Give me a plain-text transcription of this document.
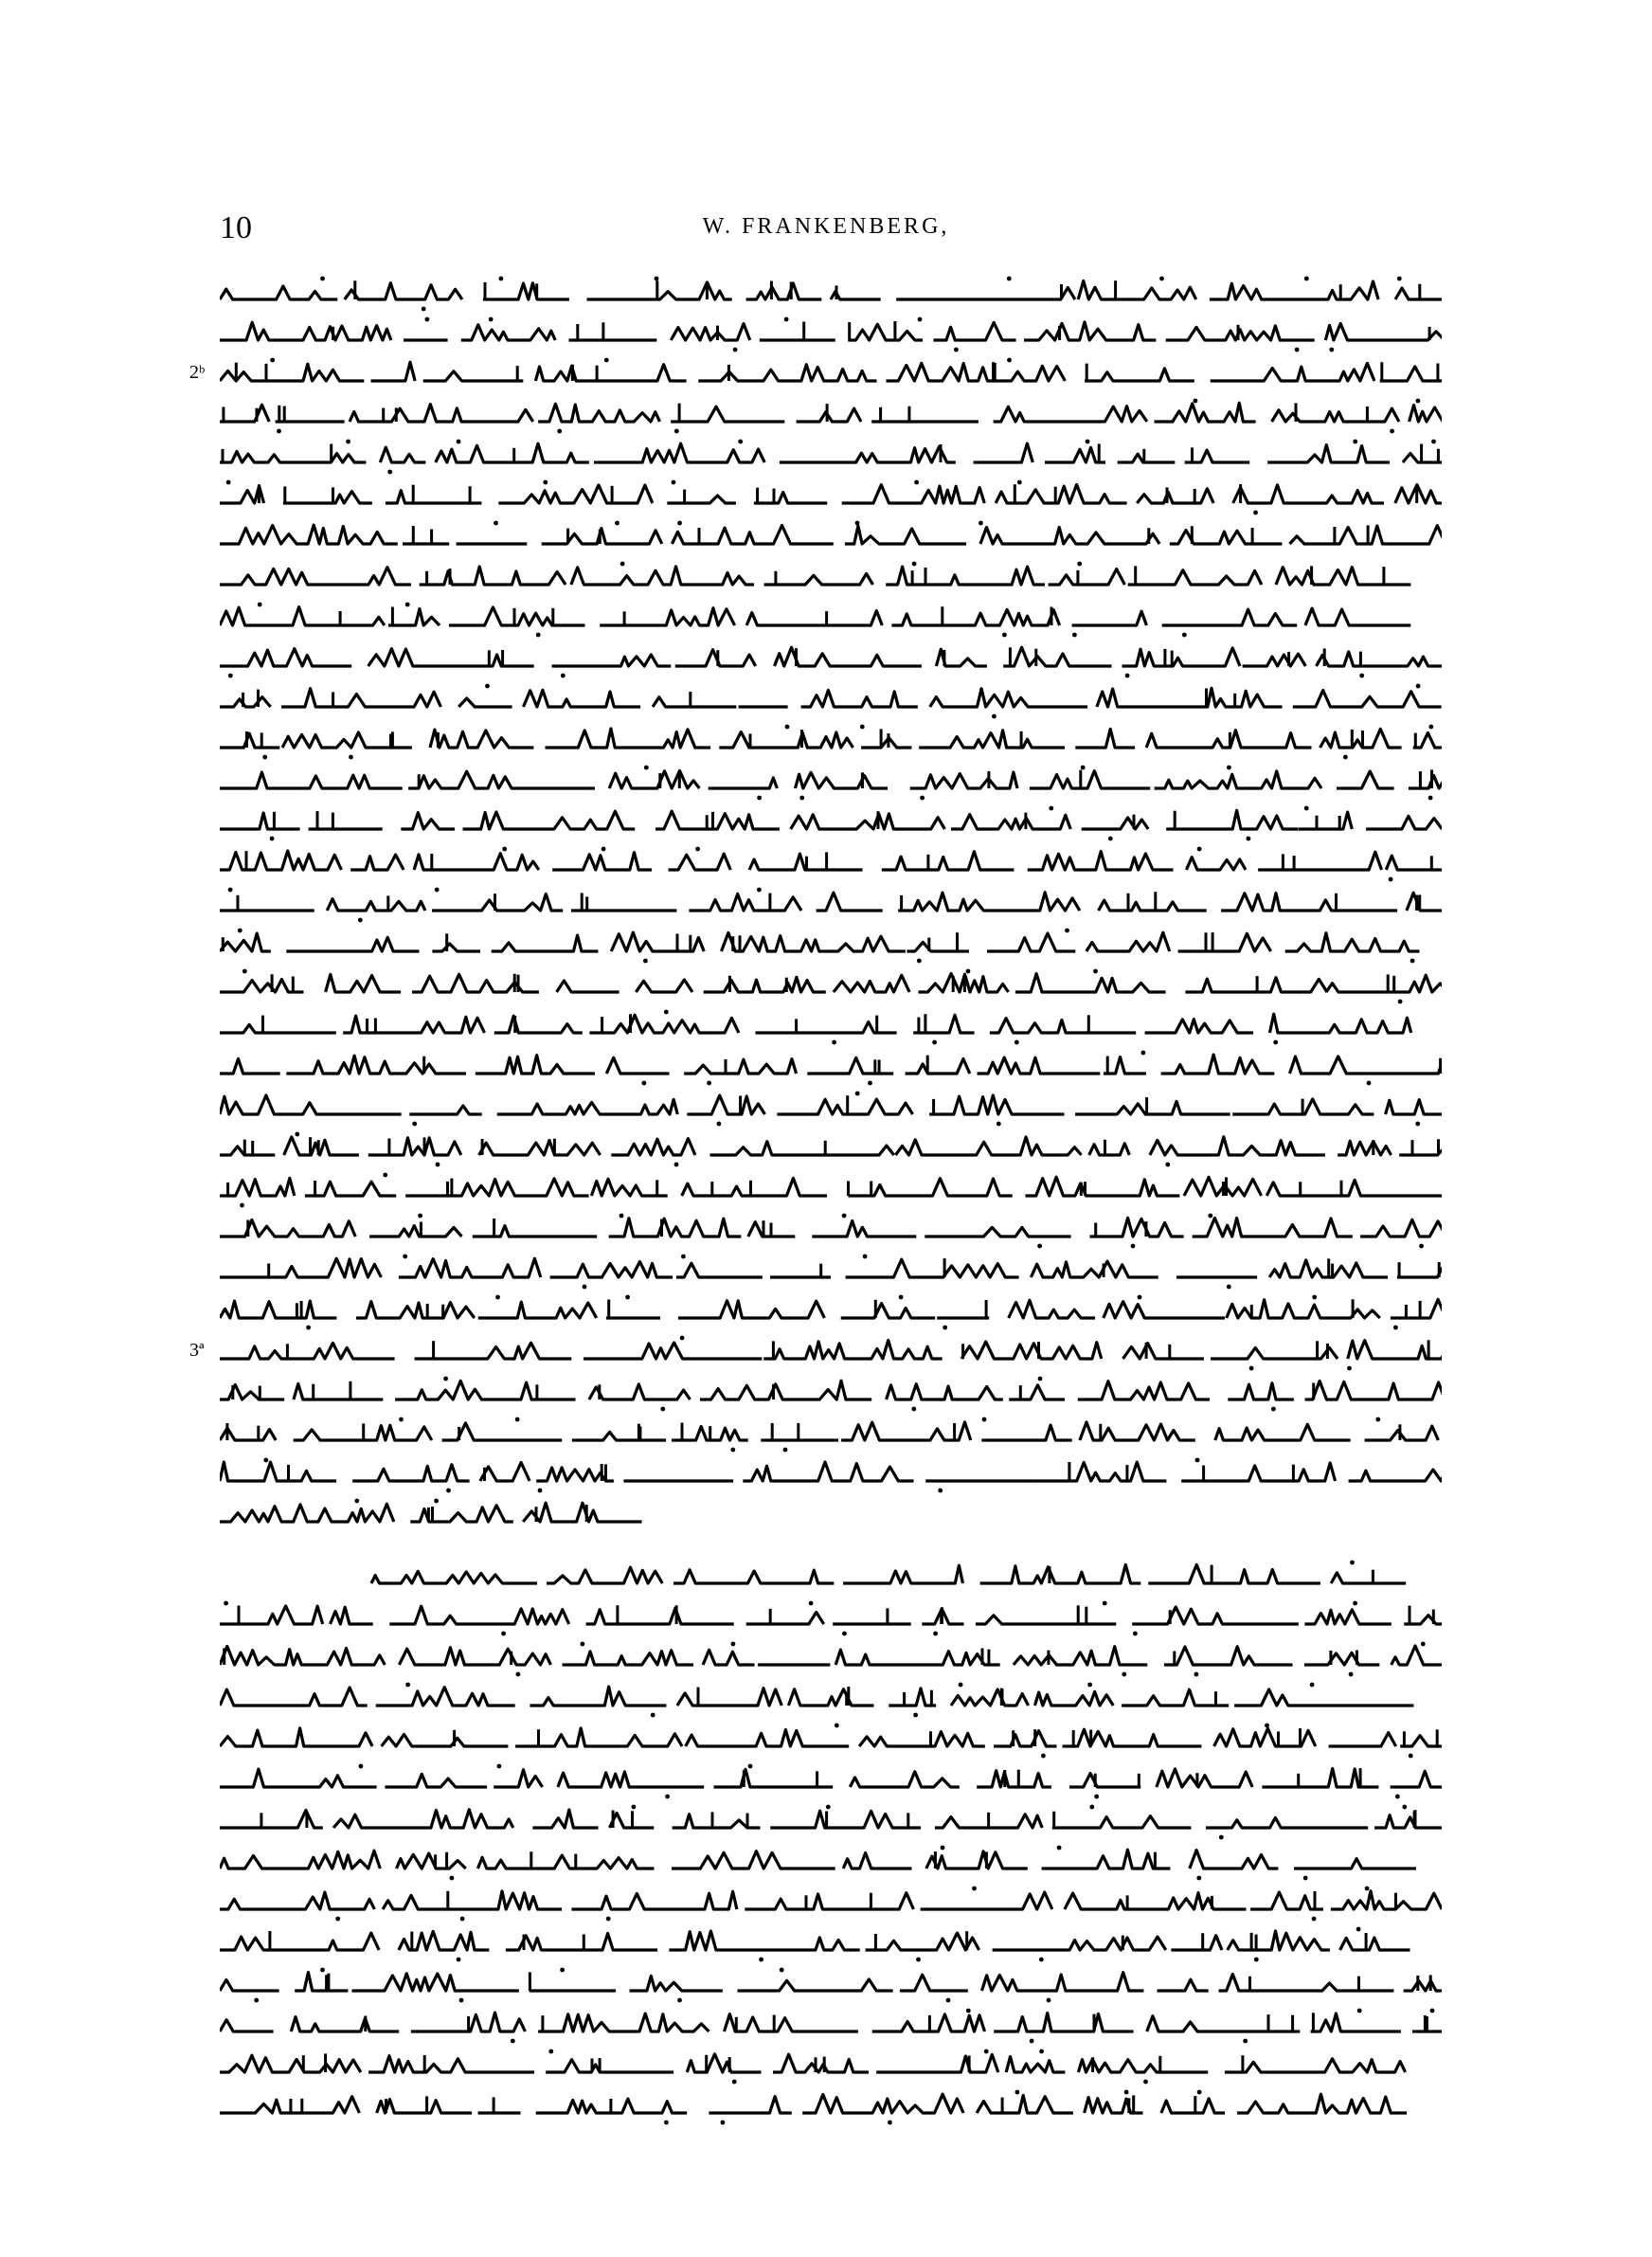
10	W. FRANKENBERG,
2ᵇ
3ª
